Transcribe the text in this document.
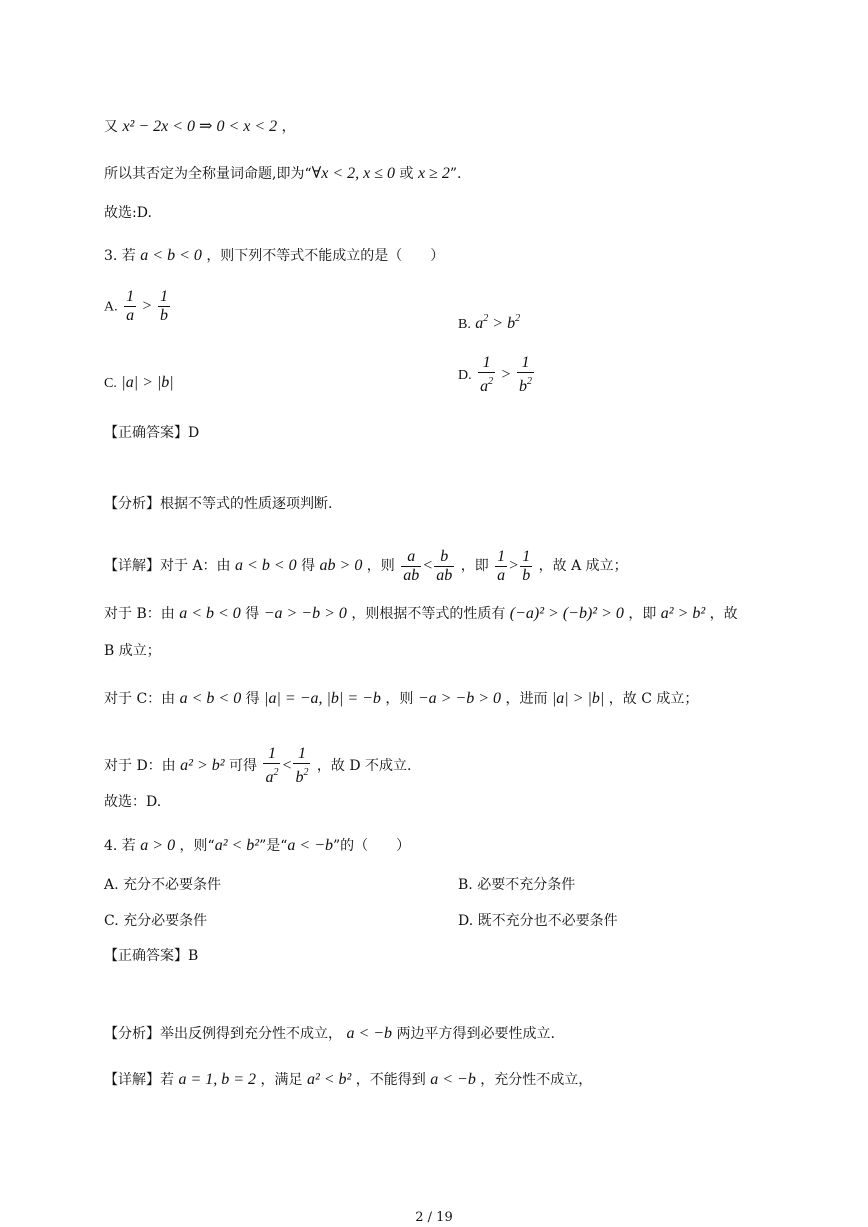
又 x² − 2x < 0 ⇒ 0 < x < 2 ，
所以其否定为全称量词命题,即为“∀x < 2, x ≤ 0 或 x ≥ 2”.
故选:D.
3. 若 a < b < 0 ，则下列不等式不能成立的是（　　）
A. $\frac{1}{a} > \frac{1}{b}$	B. $a^2 > b^2$
C. |a| > |b|	D. $\frac{1}{a^2} > \frac{1}{b^2}$
【正确答案】D
【分析】根据不等式的性质逐项判断.
【详解】对于 A：由 a < b < 0 得 ab > 0 ，则 $\frac{a}{ab} < \frac{b}{ab}$ ，即 $\frac{1}{a} > \frac{1}{b}$ ，故 A 成立；
对于 B：由 a < b < 0 得 −a > −b > 0 ，则根据不等式的性质有 (−a)² > (−b)² > 0 ，即 a² > b² ，故
B 成立；
对于 C：由 a < b < 0 得 |a| = −a, |b| = −b ，则 −a > −b > 0 ，进而 |a| > |b| ，故 C 成立；
对于 D：由 a² > b² 可得 $\frac{1}{a^2} < \frac{1}{b^2}$ ，故 D 不成立.
故选：D.
4. 若 a > 0 ，则“a² < b²”是“a < −b”的（　　）
A. 充分不必要条件	B. 必要不充分条件
C. 充分必要条件	D. 既不充分也不必要条件
【正确答案】B
【分析】举出反例得到充分性不成立， a < −b 两边平方得到必要性成立.
【详解】若 a = 1, b = 2 ，满足 a² < b² ，不能得到 a < −b ，充分性不成立，
2 / 19
